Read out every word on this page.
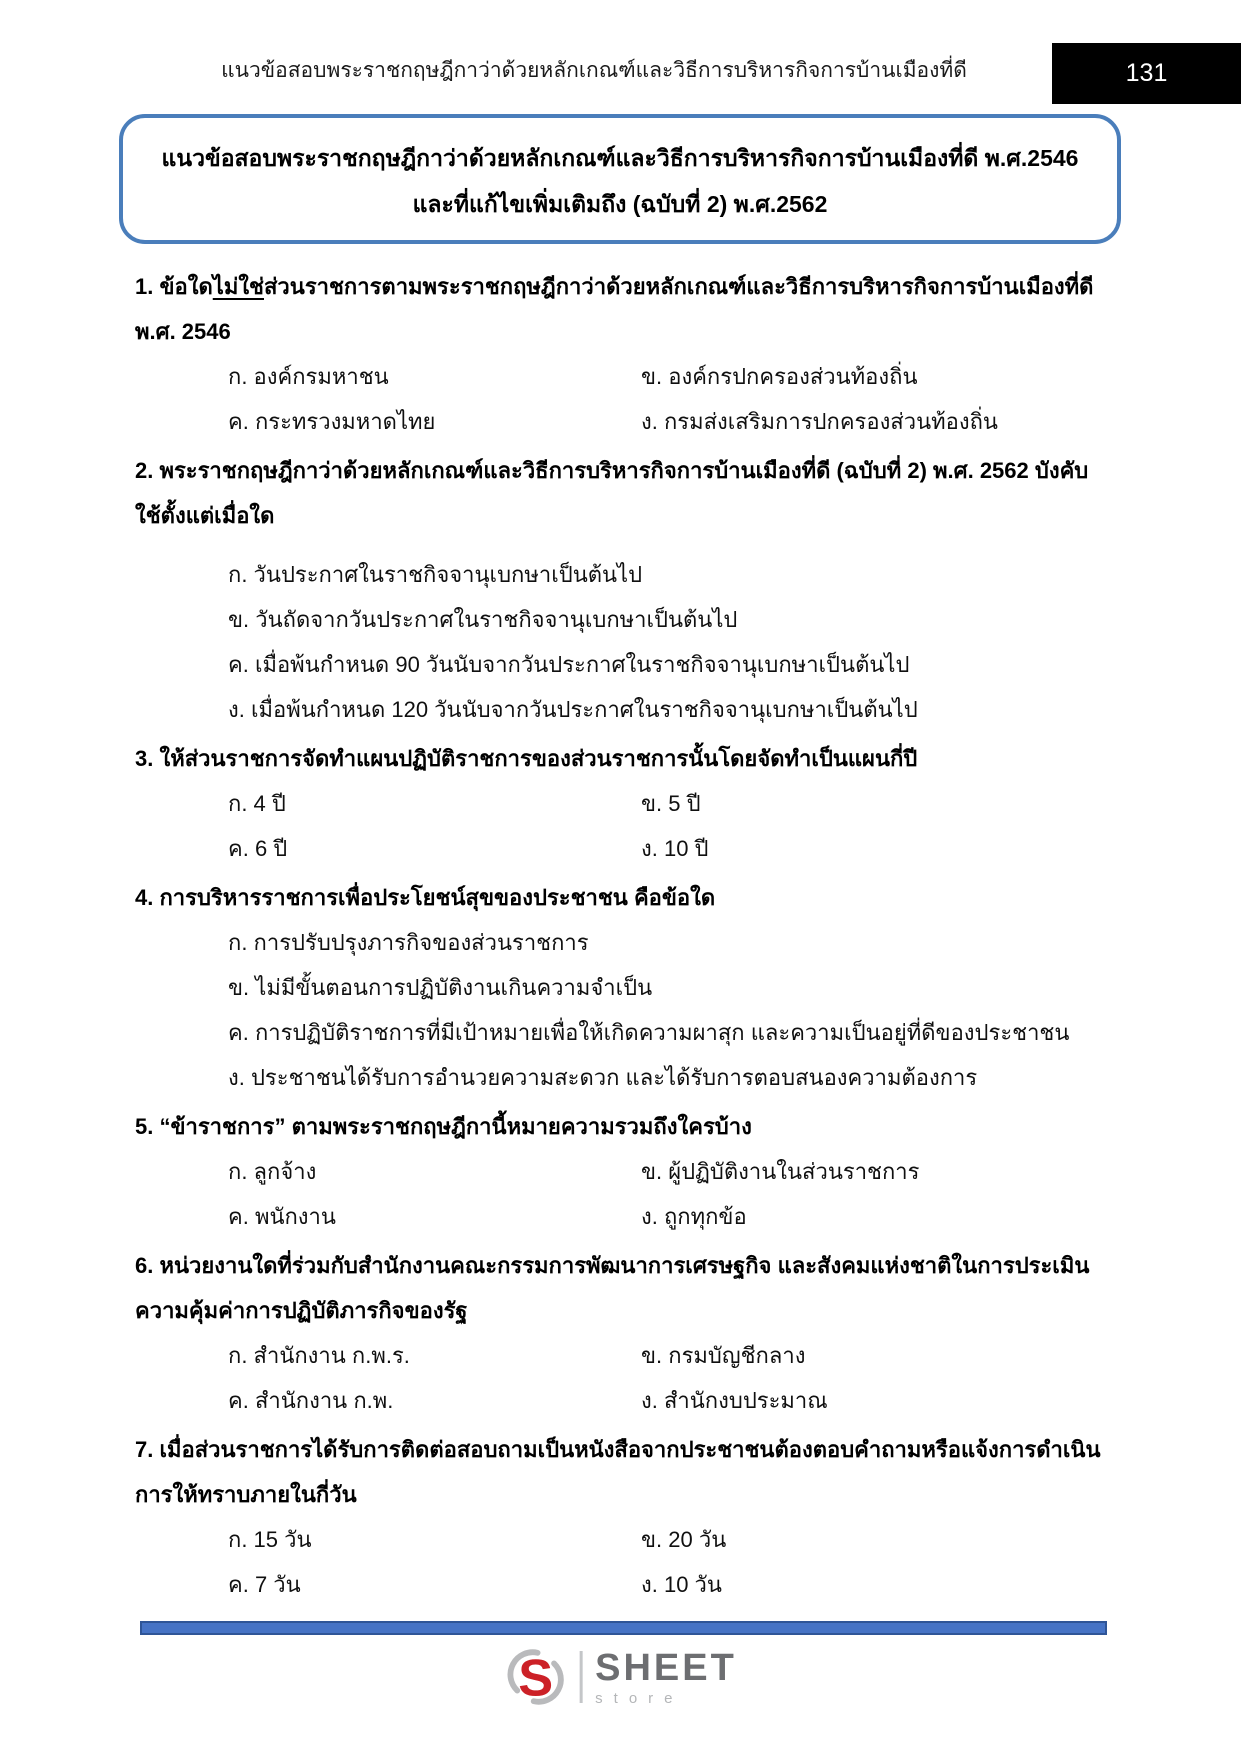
แนวข้อสอบพระราชกฤษฎีกาว่าด้วยหลักเกณฑ์และวิธีการบริหารกิจการบ้านเมืองที่ดี	131
แนวข้อสอบพระราชกฤษฎีกาว่าด้วยหลักเกณฑ์และวิธีการบริหารกิจการบ้านเมืองที่ดี พ.ศ.2546
และที่แก้ไขเพิ่มเติมถึง (ฉบับที่ 2) พ.ศ.2562
1. ข้อใดไม่ใช่ส่วนราชการตามพระราชกฤษฎีกาว่าด้วยหลักเกณฑ์และวิธีการบริหารกิจการบ้านเมืองที่ดี พ.ศ. 2546
ก. องค์กรมหาชน	ข. องค์กรปกครองส่วนท้องถิ่น
ค. กระทรวงมหาดไทย	ง. กรมส่งเสริมการปกครองส่วนท้องถิ่น
2. พระราชกฤษฎีกาว่าด้วยหลักเกณฑ์และวิธีการบริหารกิจการบ้านเมืองที่ดี (ฉบับที่ 2) พ.ศ. 2562 บังคับใช้ตั้งแต่เมื่อใด
ก. วันประกาศในราชกิจจานุเบกษาเป็นต้นไป
ข. วันถัดจากวันประกาศในราชกิจจานุเบกษาเป็นต้นไป
ค. เมื่อพ้นกำหนด 90 วันนับจากวันประกาศในราชกิจจานุเบกษาเป็นต้นไป
ง. เมื่อพ้นกำหนด 120 วันนับจากวันประกาศในราชกิจจานุเบกษาเป็นต้นไป
3. ให้ส่วนราชการจัดทำแผนปฏิบัติราชการของส่วนราชการนั้นโดยจัดทำเป็นแผนกี่ปี
ก. 4 ปี	ข. 5 ปี
ค. 6 ปี	ง. 10 ปี
4. การบริหารราชการเพื่อประโยชน์สุขของประชาชน คือข้อใด
ก. การปรับปรุงภารกิจของส่วนราชการ
ข. ไม่มีขั้นตอนการปฏิบัติงานเกินความจำเป็น
ค. การปฏิบัติราชการที่มีเป้าหมายเพื่อให้เกิดความผาสุก และความเป็นอยู่ที่ดีของประชาชน
ง. ประชาชนได้รับการอำนวยความสะดวก และได้รับการตอบสนองความต้องการ
5. “ข้าราชการ” ตามพระราชกฤษฎีกานี้หมายความรวมถึงใครบ้าง
ก. ลูกจ้าง	ข. ผู้ปฏิบัติงานในส่วนราชการ
ค. พนักงาน	ง. ถูกทุกข้อ
6. หน่วยงานใดที่ร่วมกับสำนักงานคณะกรรมการพัฒนาการเศรษฐกิจ และสังคมแห่งชาติในการประเมินความคุ้มค่าการปฏิบัติภารกิจของรัฐ
ก. สำนักงาน ก.พ.ร.	ข. กรมบัญชีกลาง
ค. สำนักงาน ก.พ.	ง. สำนักงบประมาณ
7. เมื่อส่วนราชการได้รับการติดต่อสอบถามเป็นหนังสือจากประชาชนต้องตอบคำถามหรือแจ้งการดำเนินการให้ทราบภายในกี่วัน
ก. 15 วัน	ข. 20 วัน
ค. 7 วัน	ง. 10 วัน
S SHEET
store
